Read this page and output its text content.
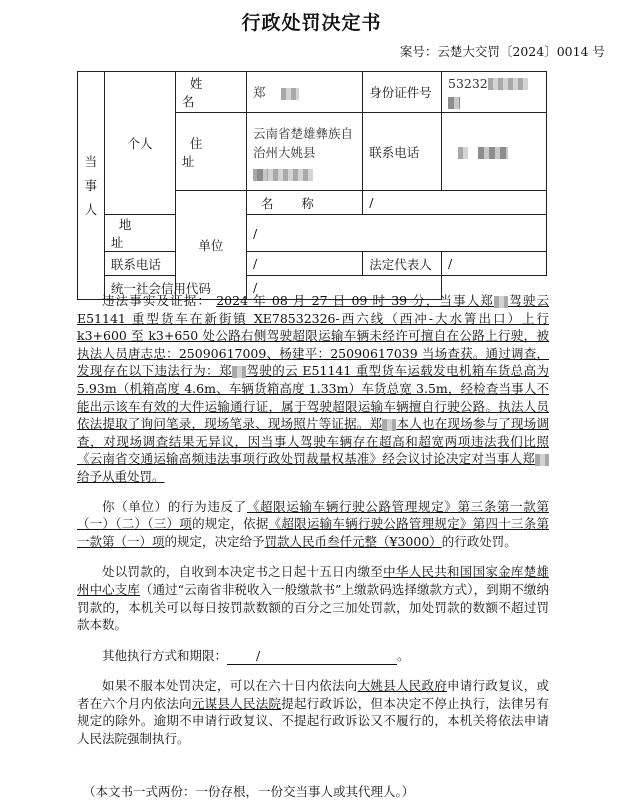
行政处罚决定书
案号：云楚大交罚〔2024〕0014 号
当事人	个人	姓 名	郑	身份证件号	53232

		住 址	云南省楚雄彝族自治州大姚县	联系电话	
		单位	名 称	/	
	地 址		/		
	联系电话		/	法定代表人	/
	统一社会信用代码		/		

违法事实及证据： 2024 年 08 月 27 日 09 时 39 分，当事人郑 驾驶云 E51141 重型货车在新街镇 XE78532326-西六线（西冲-大水箐出口）上行 k3+600 至 k3+650 处公路右侧驾驶超限运输车辆未经许可擅自在公路上行驶，被执法人员唐志忠：25090617009、杨建平：25090617039 当场查获。通过调查，发现存在以下违法行为：郑 驾驶的云 E51141 重型货车运载发电机箱车货总高为 5.93m（机箱高度 4.6m、车辆货箱高度 1.33m）车货总宽 3.5m，经检查当事人不能出示该车有效的大件运输通行证，属于驾驶超限运输车辆擅自行驶公路。执法人员依法提取了询问笔录，现场笔录、现场照片等证据。郑 本人也在现场参与了现场调查，对现场调查结果无异议，因当事人驾驶车辆存在超高和超宽两项违法我们比照《云南省交通运输高频违法事项行政处罚裁量权基准》经会议讨论决定对当事人郑给予从重处罚。

你（单位）的行为违反了《超限运输车辆行驶公路管理规定》第三条第一款第（一）（二）（三）项的规定，依据《超限运输车辆行驶公路管理规定》第四十三条第一款第（一）项的规定，决定给予罚款人民币叁仟元整（¥3000）的行政处罚。

处以罚款的，自收到本决定书之日起十五日内缴至中华人民共和国国家金库楚雄州中心支库（通过“云南省非税收入一般缴款书”上缴款码选择缴款方式），到期不缴纳罚款的，本机关可以每日按罚款数额的百分之三加处罚款，加处罚款的数额不超过罚款本数。

其他执行方式和期限： /	。

如果不服本处罚决定，可以在六十日内依法向大姚县人民政府申请行政复议，或者在六个月内依法向元谋县人民法院提起行政诉讼，但本决定不停止执行，法律另有规定的除外。逾期不申请行政复议、不提起行政诉讼又不履行的，本机关将依法申请人民法院强制执行。

（本文书一式两份：一份存根，一份交当事人或其代理人。）
